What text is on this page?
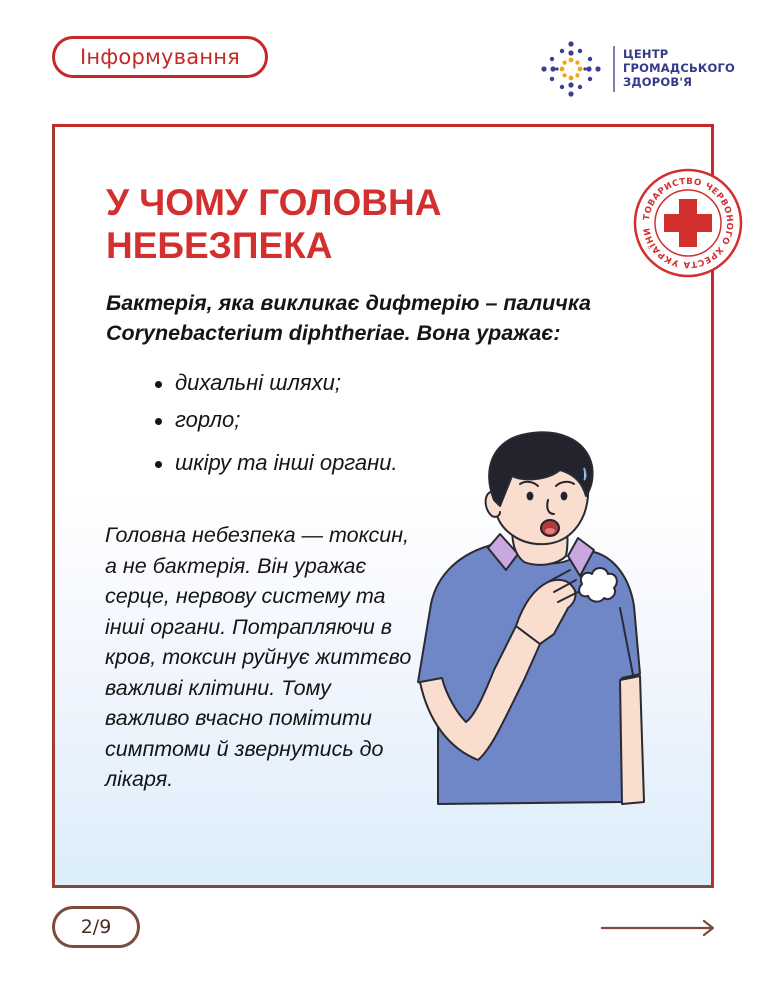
Інформування	ЦЕНТР
ГРОМАДСЬКОГО
ЗДОРОВ'Я
ТОВАРИСТВО ЧЕРВОНОГО ХРЕСТА УКРАЇНИ
У ЧОМУ ГОЛОВНА
НЕБЕЗПЕКА

Бактерія, яка викликає дифтерію – паличка Corynebacterium diphtheriae. Вона уражає:

дихальні шляхи;
горло;
шкіру та інші органи.

Головна небезпека — токсин, а не бактерія. Він уражає серце, нервову систему та інші органи. Потрапляючи в кров, токсин руйнує життєво важливі клітини. Тому важливо вчасно помітити симптоми й звернутись до лікаря.

2/9
